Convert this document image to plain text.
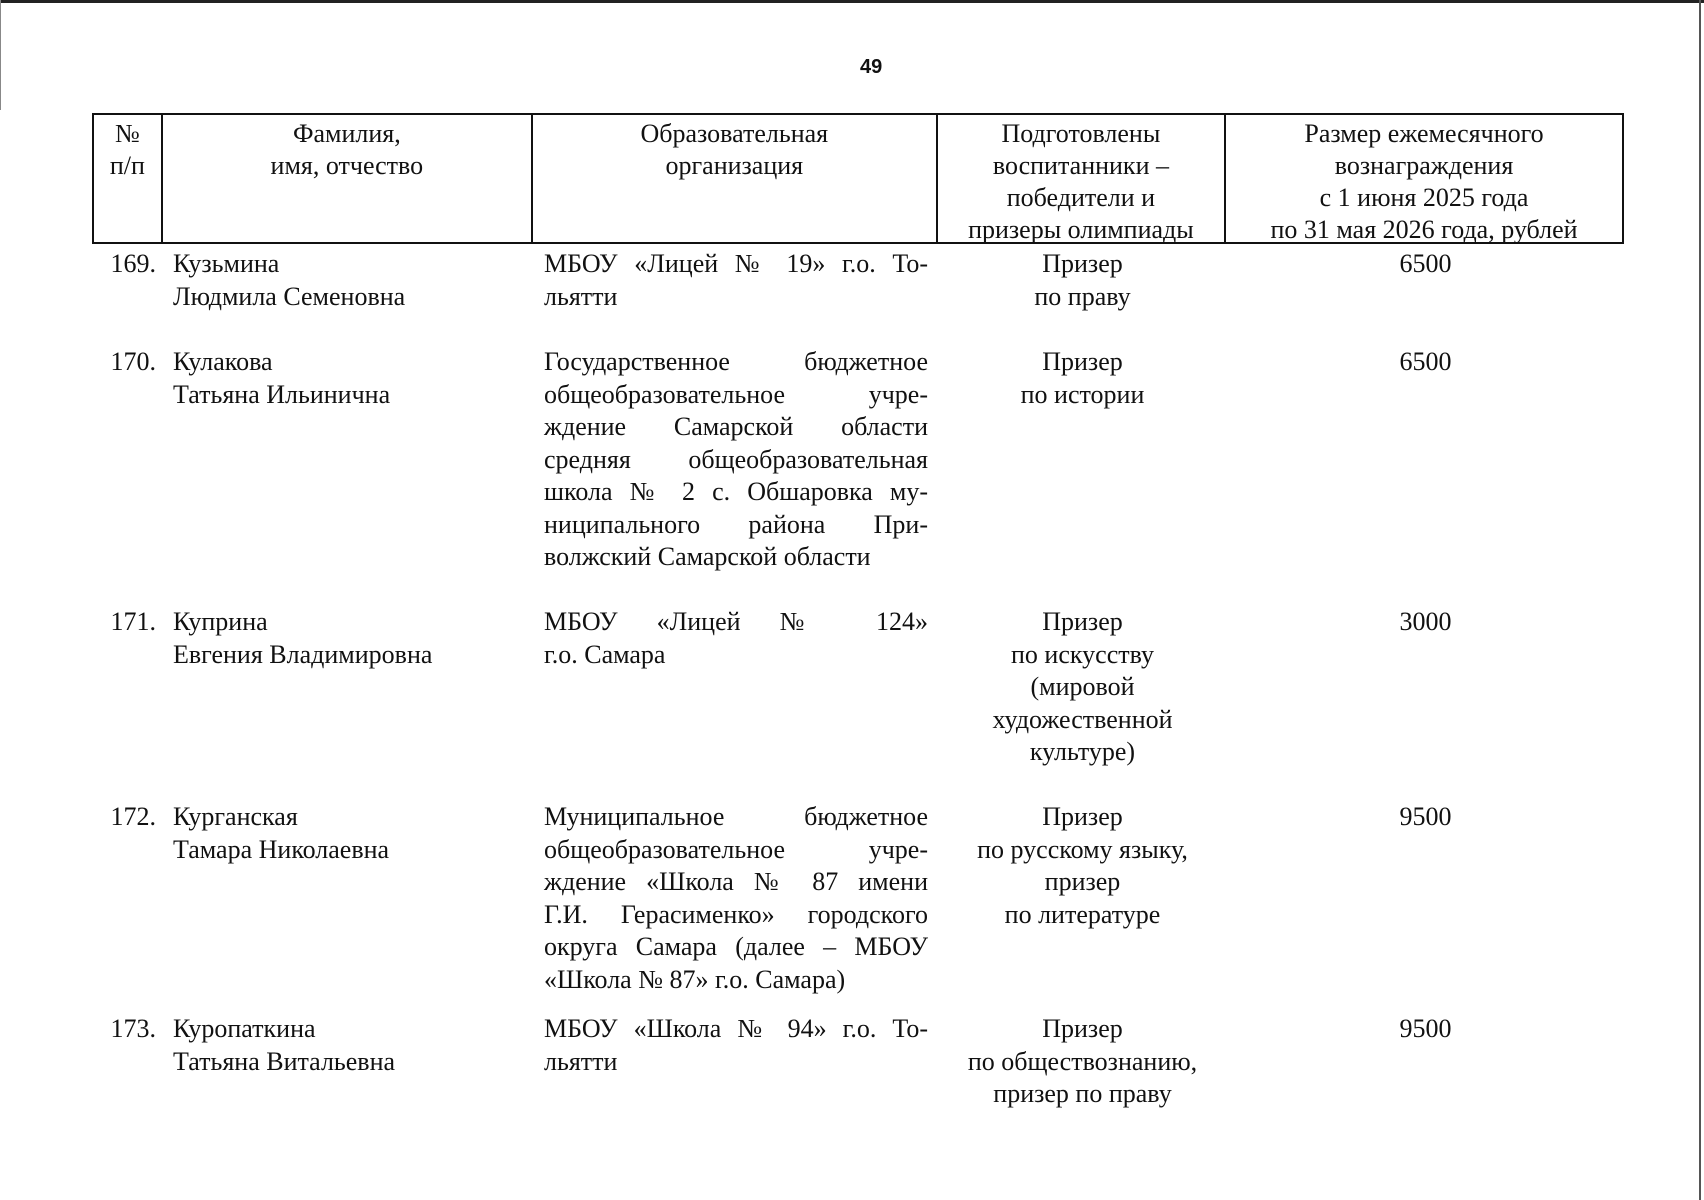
49
№
п/п
Фамилия,
имя, отчество
Образовательная
организация
Подготовлены
воспитанники –
победители и
призеры олимпиады
Размер ежемесячного
вознаграждения
с 1 июня 2025 года
по 31 мая 2026 года, рублей
169. Кузьмина
Людмила Семеновна
МБОУ «Лицей № 19» г.о. То-
льятти
Призер
по праву
6500
170. Кулакова
Татьяна Ильинична
Государственное бюджетное
общеобразовательное учре-
ждение Самарской области
средняя общеобразовательная
школа № 2 с. Обшаровка му-
ниципального района При-
волжский Самарской области
Призер
по истории
6500
171. Куприна
Евгения Владимировна
МБОУ «Лицей № 124»
г.о. Самара
Призер
по искусству
(мировой
художественной
культуре)
3000
172. Курганская
Тамара Николаевна
Муниципальное бюджетное
общеобразовательное учре-
ждение «Школа № 87 имени
Г.И. Герасименко» городского
округа Самара (далее – МБОУ
«Школа № 87» г.о. Самара)
Призер
по русскому языку,
призер
по литературе
9500
173. Куропаткина
Татьяна Витальевна
МБОУ «Школа № 94» г.о. То-
льятти
Призер
по обществознанию,
призер по праву
9500
